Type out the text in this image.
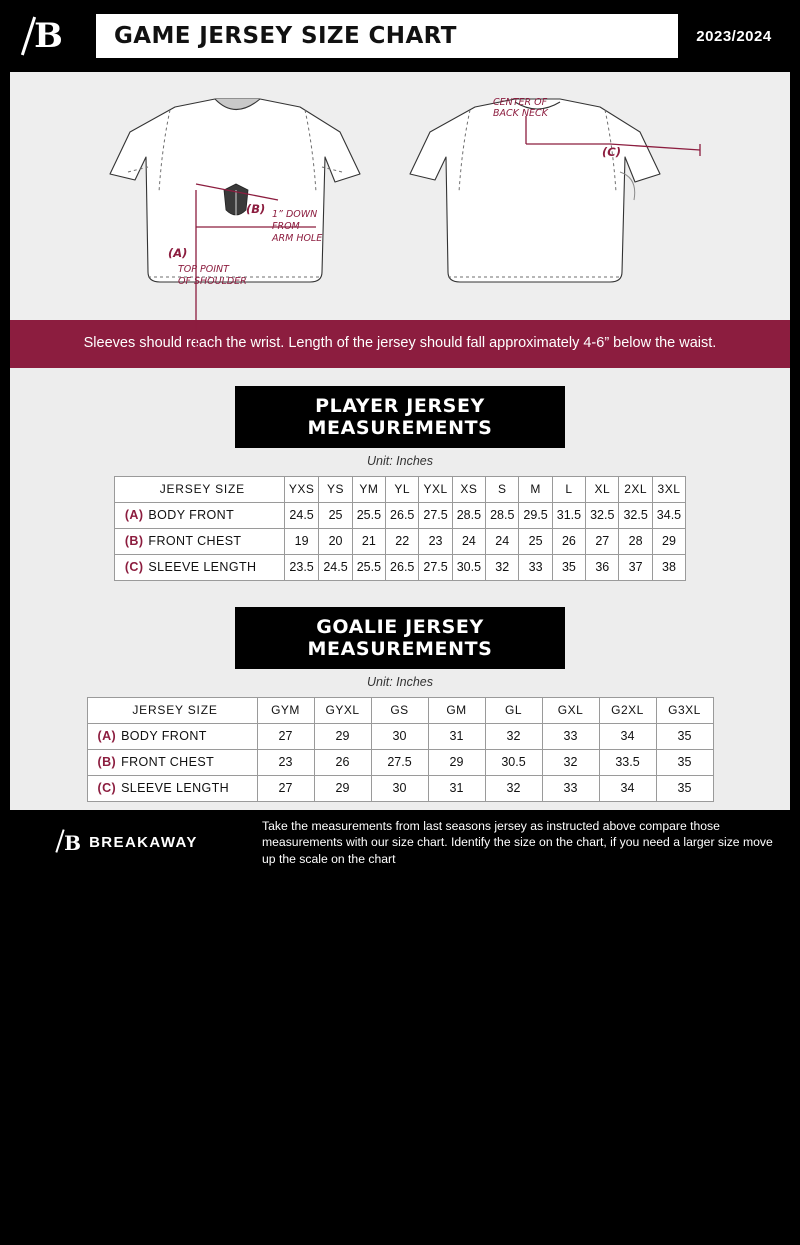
B GAME JERSEY SIZE CHART	2023/2024
(B)
(A)
1” DOWN
FROM
ARM HOLE
TOP POINT
OF SHOULDER
CENTER OF
BACK NECK
(C)
Sleeves should reach the wrist. Length of the jersey should fall approximately 4-6” below the waist.
PLAYER JERSEY MEASUREMENTS
Unit: Inches
JERSEY SIZE	YXS	YS	YM	YL	YXL	XS	S	M	L	XL	2XL	3XL
(A) BODY FRONT	24.5	25	25.5	26.5	27.5	28.5	28.5	29.5	31.5	32.5	32.5	34.5
(B) FRONT CHEST	19	20	21	22	23	24	24	25	26	27	28	29
(C) SLEEVE LENGTH	23.5	24.5	25.5	26.5	27.5	30.5	32	33	35	36	37	38
GOALIE JERSEY MEASUREMENTS
Unit: Inches
JERSEY SIZE	GYM	GYXL	GS	GM	GL	GXL	G2XL	G3XL
(A) BODY FRONT	27	29	30	31	32	33	34	35
(B) FRONT CHEST	23	26	27.5	29	30.5	32	33.5	35
(C) SLEEVE LENGTH	27	29	30	31	32	33	34	35
B BREAKAWAY
Take the measurements from last seasons jersey as instructed above compare those measurements with our size chart. Identify the size on the chart, if you need a larger size move up the scale on the chart
